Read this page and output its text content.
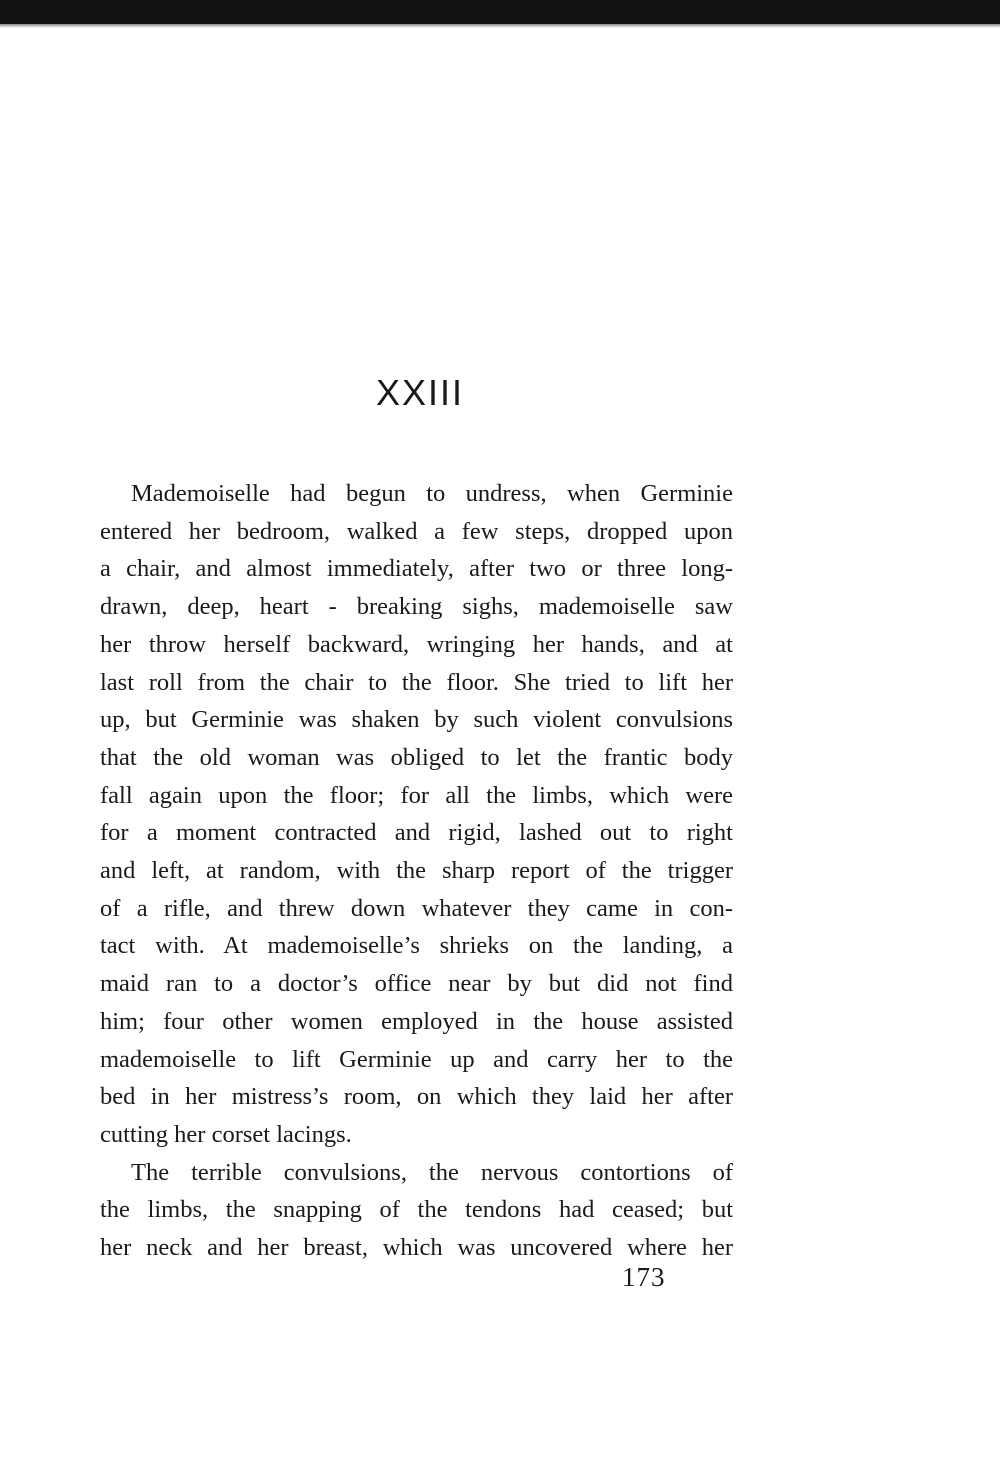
XXIII

Mademoiselle had begun to undress, when Germinie
entered her bedroom, walked a few steps, dropped upon
a chair, and almost immediately, after two or three long-
drawn, deep, heart - breaking sighs, mademoiselle saw
her throw herself backward, wringing her hands, and at
last roll from the chair to the floor. She tried to lift her
up, but Germinie was shaken by such violent convulsions
that the old woman was obliged to let the frantic body
fall again upon the floor; for all the limbs, which were
for a moment contracted and rigid, lashed out to right
and left, at random, with the sharp report of the trigger
of a rifle, and threw down whatever they came in con-
tact with. At mademoiselle’s shrieks on the landing, a
maid ran to a doctor’s office near by but did not find
him; four other women employed in the house assisted
mademoiselle to lift Germinie up and carry her to the
bed in her mistress’s room, on which they laid her after
cutting her corset lacings.

The terrible convulsions, the nervous contortions of
the limbs, the snapping of the tendons had ceased; but
her neck and her breast, which was uncovered where her

173
